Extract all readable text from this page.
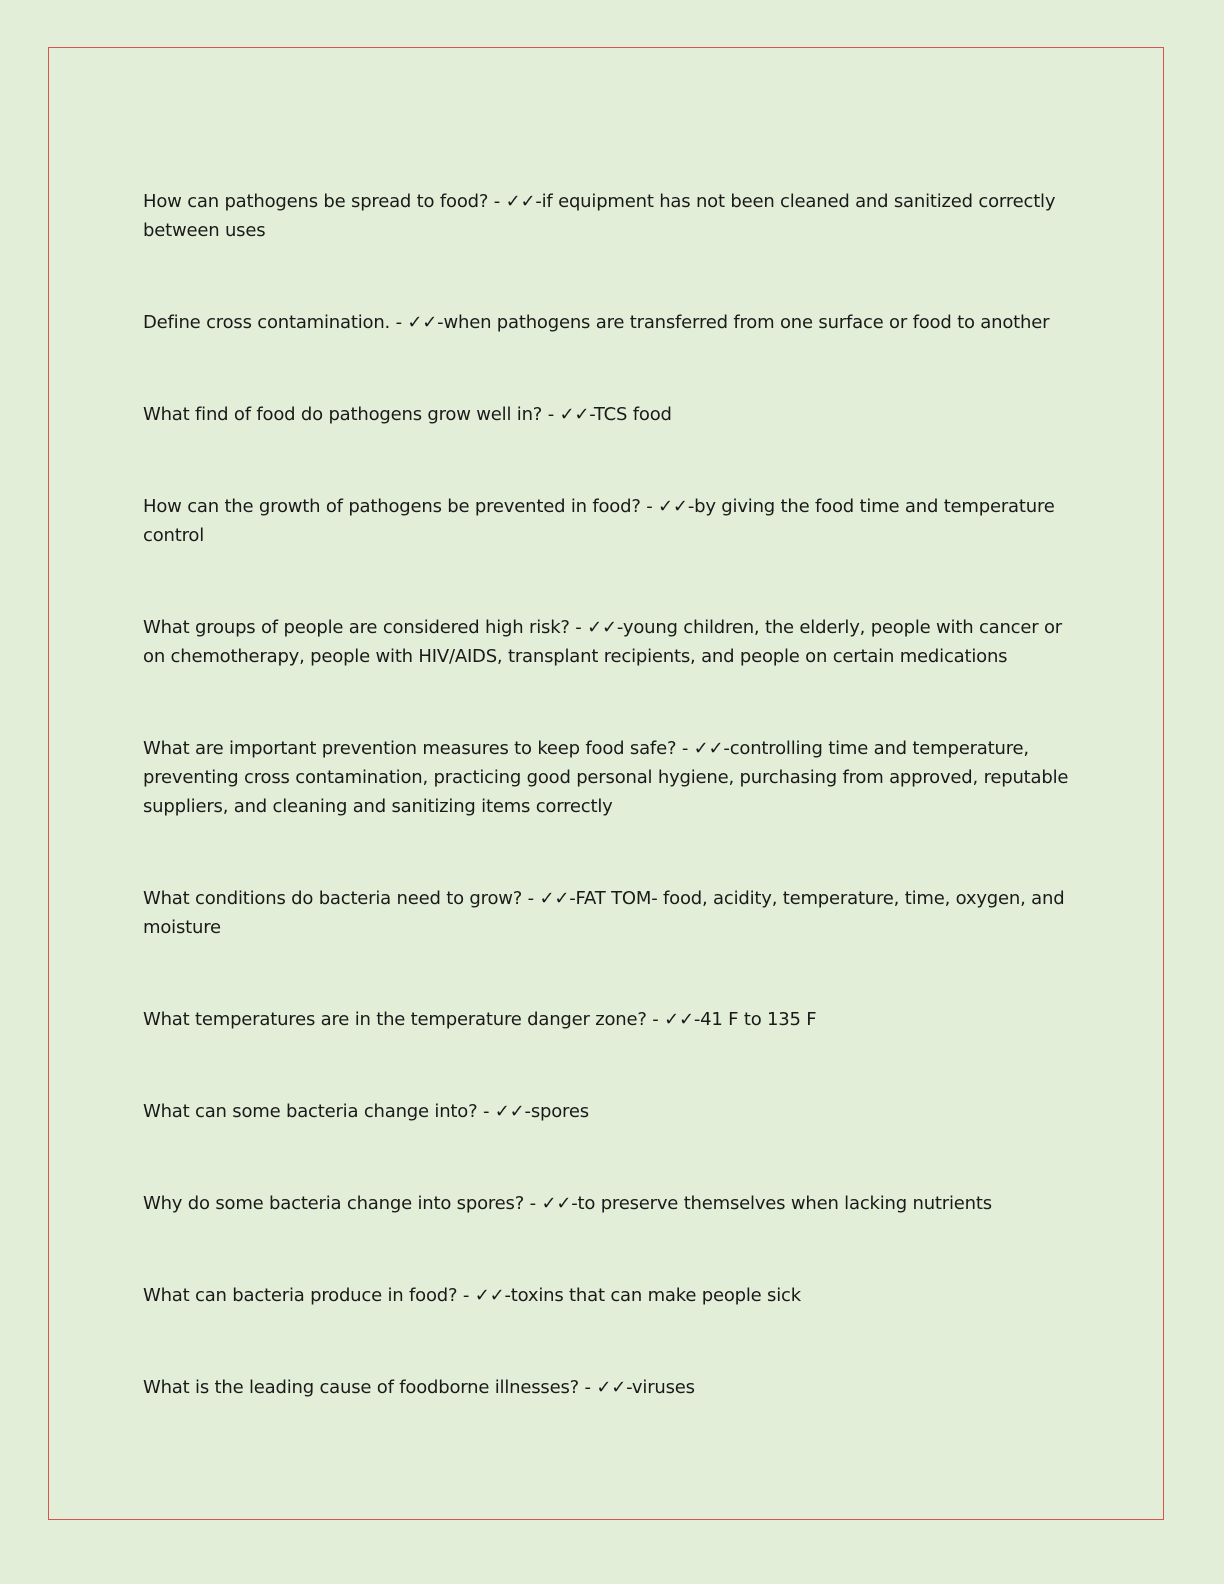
How can pathogens be spread to food? - ✓✓-if equipment has not been cleaned and sanitized correctly between uses

Define cross contamination. - ✓✓-when pathogens are transferred from one surface or food to another

What find of food do pathogens grow well in? - ✓✓-TCS food

How can the growth of pathogens be prevented in food? - ✓✓-by giving the food time and temperature control

What groups of people are considered high risk? - ✓✓-young children, the elderly, people with cancer or on chemotherapy, people with HIV/AIDS, transplant recipients, and people on certain medications

What are important prevention measures to keep food safe? - ✓✓-controlling time and temperature, preventing cross contamination, practicing good personal hygiene, purchasing from approved, reputable suppliers, and cleaning and sanitizing items correctly

What conditions do bacteria need to grow? - ✓✓-FAT TOM- food, acidity, temperature, time, oxygen, and moisture

What temperatures are in the temperature danger zone? - ✓✓-41 F to 135 F

What can some bacteria change into? - ✓✓-spores

Why do some bacteria change into spores? - ✓✓-to preserve themselves when lacking nutrients

What can bacteria produce in food? - ✓✓-toxins that can make people sick

What is the leading cause of foodborne illnesses? - ✓✓-viruses
